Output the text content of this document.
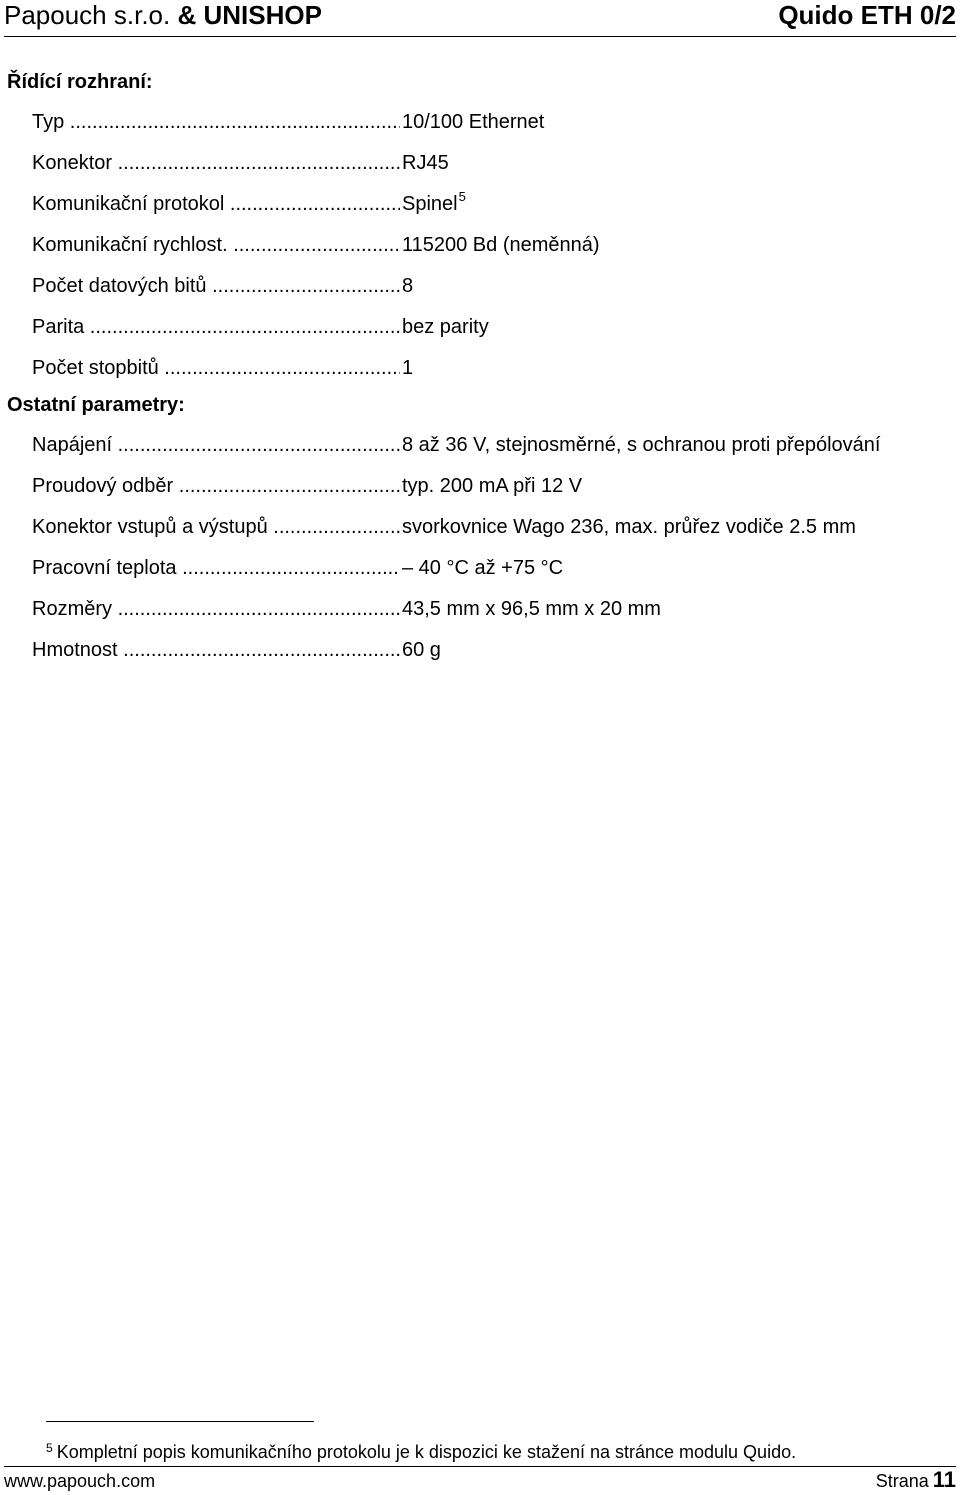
Papouch s.r.o. & UNISHOP	Quido ETH 0/2
Řídící rozhraní:
Typ .....	10/100 Ethernet
Konektor .....	RJ45
Komunikační protokol .....	Spinel$^5$
Komunikační rychlost. .....	115200 Bd (neměnná)
Počet datových bitů .....	8
Parita .....	bez parity
Počet stopbitů .....	1
Ostatní parametry:
Napájení .....	8 až 36 V, stejnosměrné, s ochranou proti přepólování
Proudový odběr .....	typ. 200 mA při 12 V
Konektor vstupů a výstupů .....	svorkovnice Wago 236, max. průřez vodiče 2.5 mm
Pracovní teplota .....	– 40 °C až +75 °C
Rozměry .....	43,5 mm x 96,5 mm x 20 mm
Hmotnost .....	60 g
$^5$ Kompletní popis komunikačního protokolu je k dispozici ke stažení na stránce modulu Quido.
www.papouch.com	Strana 11
